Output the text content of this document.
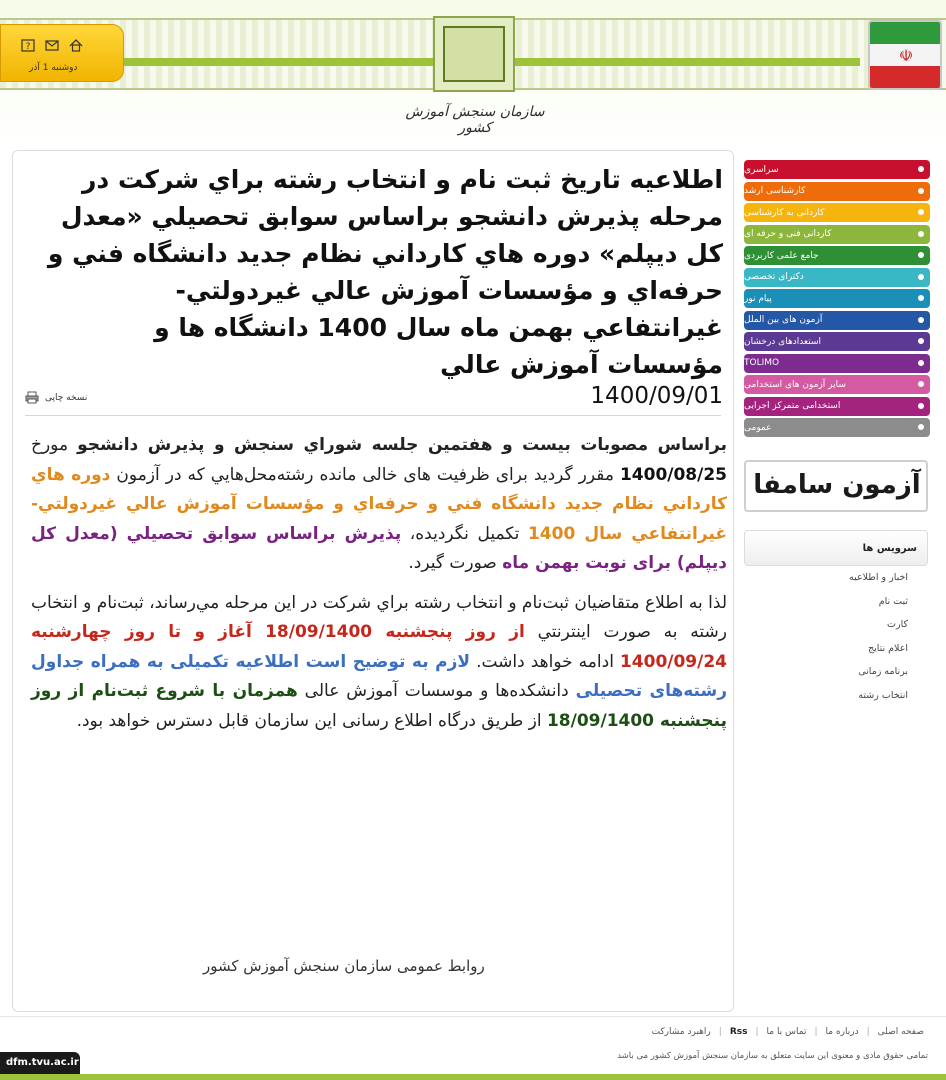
?
دوشنبه 1 آذر
سازمان سنجش آموزش کشور
☫
اطلاعيه تاريخ ثبت نام و انتخاب رشته براي شركت در مرحله پذيرش دانشجو براساس سوابق تحصيلي «معدل كل ديپلم» دوره هاي كارداني نظام جديد دانشگاه فني و حرفه‌اي و مؤسسات آموزش عالي غيردولتي- غيرانتفاعي بهمن ماه سال 1400 دانشگاه ها و مؤسسات آموزش عالي
نسخه چاپی	1400/09/01

براساس مصوبات بيست و هفتمين جلسه شوراي سنجش و پذيرش دانشجو مورخ 1400/08/25 مقرر گرديد براى ظرفيت هاى خالى مانده رشته‌محل‌هايي كه در آزمون دوره هاي كارداني نظام جديد دانشگاه فني و حرفه‌اي و مؤسسات آموزش عالي غيردولتي- غيرانتفاعي سال 1400 تکمیل نگرديده، پذيرش براساس سوابق تحصيلي (معدل كل ديپلم) براى نوبت بهمن ماه صورت گيرد.

لذا به اطلاع متقاضيان ثبت‌نام و انتخاب رشته براي شركت در اين مرحله مي‌رساند، ثبت‌نام و انتخاب رشته به صورت اينترنتي از روز پنجشنبه 18/09/1400 آغاز و تا روز چهارشنبه 1400/09/24 ادامه خواهد داشت. لازم به توضیح است اطلاعیه تکمیلی به همراه جداول رشته‌های تحصیلی دانشکده‌ها و موسسات آموزش عالی همزمان با شروع ثبت‌نام از روز پنجشنبه 18/09/1400 از طریق درگاه اطلاع رسانی این سازمان قابل دسترس خواهد بود.

روابط عمومی سازمان سنجش آموزش کشور
سراسری
کارشناسی ارشد
کاردانی به کارشناسی
کاردانی فنی و حرفه ای
جامع علمی کاربردی
دکترای تخصصی
پیام نور
آزمون های بین الملل
استعدادهای درخشان
TOLIMO
سایر آزمون های استخدامی
استخدامی متمرکز اجرایی
عمومی
آزمون سامفا
سرویس ها
اخبار و اطلاعیه
ثبت نام
کارت
اعلام نتایج
برنامه زمانی
انتخاب رشته
صفحه اصلی
|
درباره ما
|
تماس با ما
|
Rss
|
راهبرد مشارکت
تمامی حقوق مادی و معنوی این سایت متعلق به سازمان سنجش آموزش کشور می باشد
dfm.tvu.ac.ir
